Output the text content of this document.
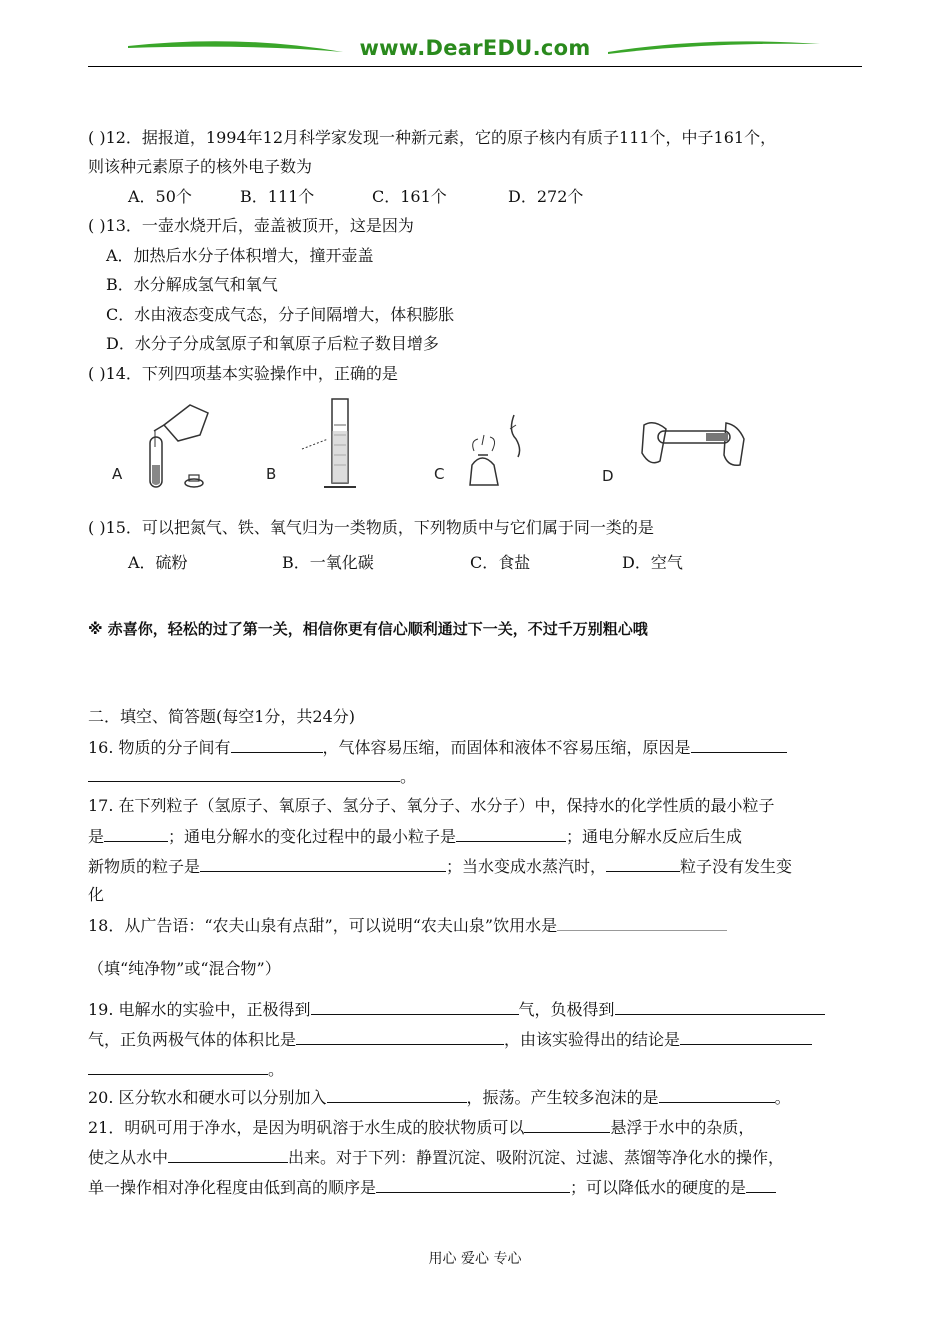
www.DearEDU.com
( )12．据报道，1994年12月科学家发现一种新元素，它的原子核内有质子111个，中子161个，
则该种元素原子的核外电子数为
A．50个	B．111个	C．161个	D．272个
( )13．一壶水烧开后，壶盖被顶开，这是因为
A．加热后水分子体积增大，撞开壶盖
B．水分解成氢气和氧气
C．水由液态变成气态，分子间隔增大，体积膨胀
D．水分子分成氢原子和氧原子后粒子数目增多
( )14．下列四项基本实验操作中，正确的是
A	B	C	D
( )15．可以把氮气、铁、氧气归为一类物质，下列物质中与它们属于同一类的是
A．硫粉	B．一氧化碳	C．食盐	D．空气
※ 赤喜你，轻松的过了第一关，相信你更有信心顺利通过下一关，不过千万别粗心哦
二．填空、简答题(每空1分，共24分)
16. 物质的分子间有	，气体容易压缩，而固体和液体不容易压缩，原因是
。
17. 在下列粒子（氢原子、氧原子、氢分子、氧分子、水分子）中，保持水的化学性质的最小粒子
是	；通电分解水的变化过程中的最小粒子是	；通电分解水反应后生成
新物质的粒子是	；当水变成水蒸汽时，	粒子没有发生变
化
18．从广告语：“农夫山泉有点甜”，可以说明“农夫山泉”饮用水是
（填“纯净物”或“混合物”）
19. 电解水的实验中，正极得到	气，负极得到
气，正负两极气体的体积比是	，由该实验得出的结论是
。
20. 区分软水和硬水可以分别加入	，振荡。产生较多泡沫的是	。
21．明矾可用于净水，是因为明矾溶于水生成的胶状物质可以	悬浮于水中的杂质，
使之从水中	出来。对于下列：静置沉淀、吸附沉淀、过滤、蒸馏等净化水的操作，
单一操作相对净化程度由低到高的顺序是	；可以降低水的硬度的是
用心 爱心 专心
